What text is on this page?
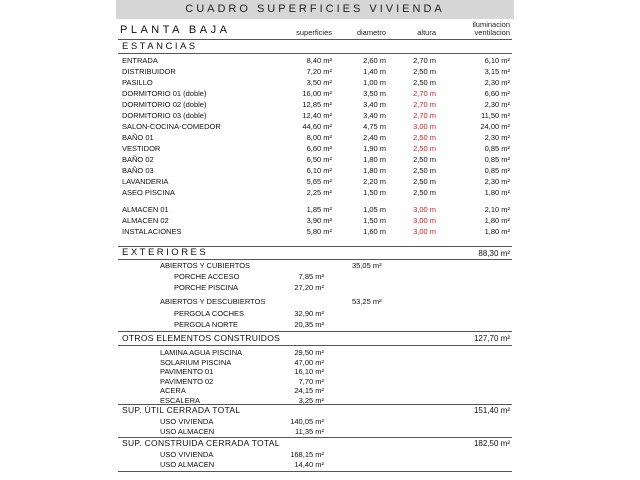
CUADRO SUPERFICIES VIVIENDA
PLANTA BAJA	superficies	diametro	altura
iluminacion
ventilacion
ESTANCIAS
ENTRADA	8,40 m²	2,60 m	2,70 m	6,10 m²
DISTRIBUIDOR	7,20 m²	1,40 m	2,50 m	3,15 m²
PASILLO	3,50 m²	1,00 m	2,50 m	2,30 m²
DORMITORIO 01 (doble)	16,00 m²	3,50 m	2,70 m	6,60 m²
DORMITORIO 02 (doble)	12,85 m²	3,40 m	2,70 m	2,30 m²
DORMITORIO 03 (doble)	12,40 m²	3,40 m	2,70 m	11,50 m²
SALON-COCINA-COMEDOR	44,60 m²	4,75 m	3,00 m	24,00 m²
BAÑO 01	8,00 m²	2,40 m	2,50 m	2,30 m²
VESTIDOR	6,60 m²	1,90 m	2,50 m	0,85 m²
BAÑO 02	6,50 m²	1,80 m	2,50 m	0,85 m²
BAÑO 03	6,10 m²	1,80 m	2,50 m	0,85 m²
LAVANDERIA	5,65 m²	2,20 m	2,50 m	2,30 m²
ASEO PISCINA	2,25 m²	1,50 m	2,50 m	1,80 m²
ALMACEN 01	1,85 m²	1,05 m	3,00 m	2,10 m²
ALMACEN 02	3,90 m²	1,50 m	3,00 m	1,80 m²
INSTALACIONES	5,80 m²	1,60 m	3,00 m	1,80 m²
EXTERIORES	88,30 m²
ABIERTOS Y CUBIERTOS	35,05 m²
PORCHE ACCESO	7,85 m²
PORCHE PISCINA	27,20 m²
ABIERTOS Y DESCUBIERTOS	53,25 m²
PERGOLA COCHES	32,90 m²
PERGOLA NORTE	20,35 m²
OTROS ELEMENTOS CONSTRUIDOS	127,70 m²
LAMINA AGUA PISCINA	29,50 m²
SOLARIUM PISCINA	47,00 m²
PAVIMENTO 01	16,10 m²
PAVIMENTO 02	7,70 m²
ACERA	24,15 m²
ESCALERA	3,25 m²
SUP. ÚTIL CERRADA TOTAL	151,40 m²
USO VIVIENDA	140,05 m²
USO ALMACEN	11,35 m²
SUP. CONSTRUIDA CERRADA TOTAL	182,50 m²
USO VIVIENDA	168,15 m²
USO ALMACEN	14,40 m²
